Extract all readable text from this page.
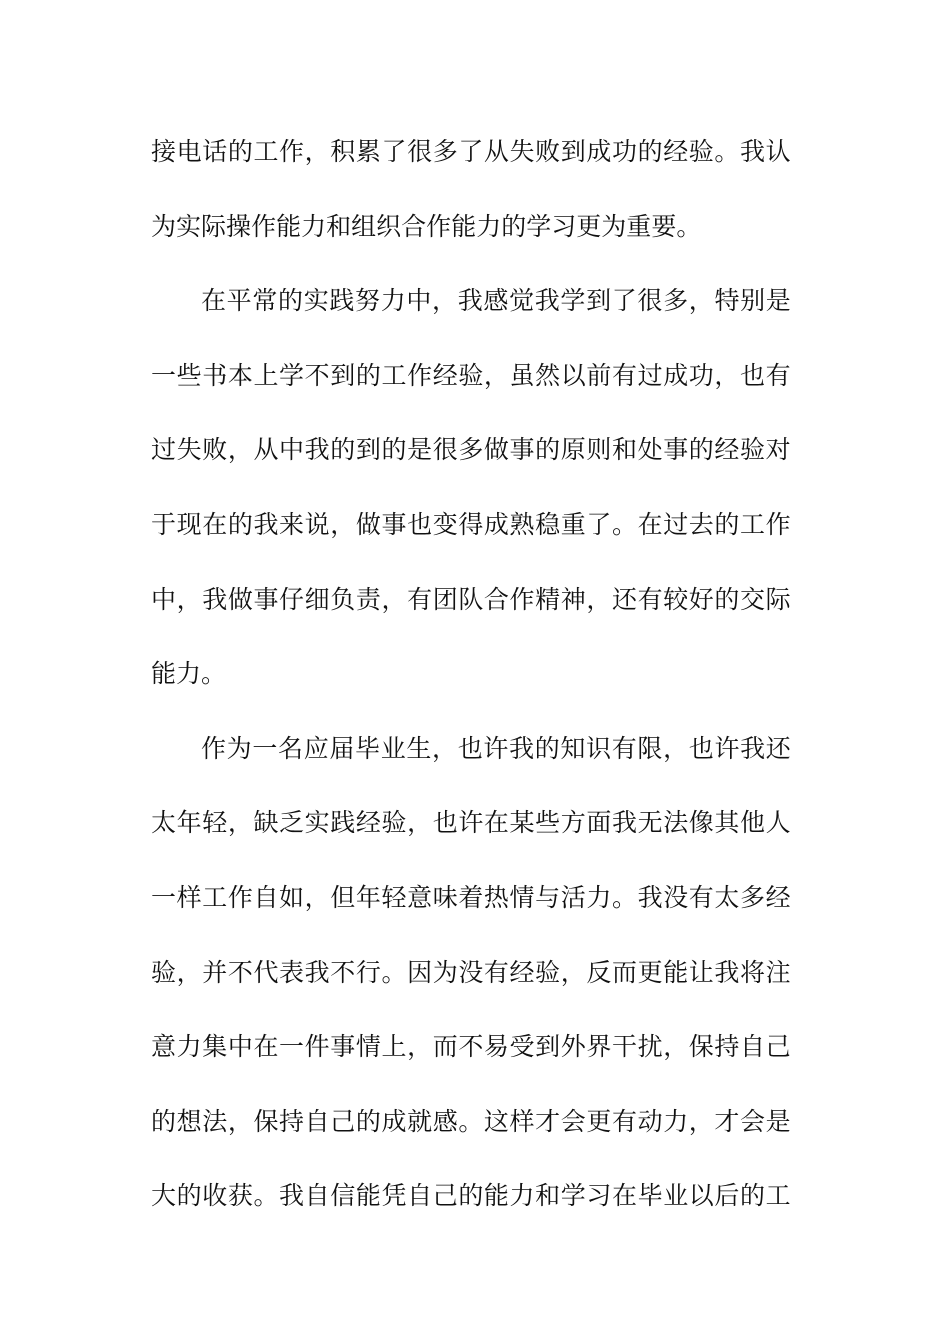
接 电 话 的 工 作 ， 积 累 了 很 多 了 从 失 败 到 成 功 的 经 验 。 我 认
为 实 际 操 作 能 力 和 组 织 合 作 能 力 的 学 习 更 为 重 要 。
在 平 常 的 实 践 努 力 中 ， 我 感 觉 我 学 到 了 很 多 ， 特 别 是
一 些 书 本 上 学 不 到 的 工 作 经 验 ， 虽 然 以 前 有 过 成 功 ， 也 有
过 失 败 ， 从 中 我 的 到 的 是 很 多 做 事 的 原 则 和 处 事 的 经 验 对
于 现 在 的 我 来 说 ， 做 事 也 变 得 成 熟 稳 重 了 。 在 过 去 的 工 作
中 ， 我 做 事 仔 细 负 责 ， 有 团 队 合 作 精 神 ， 还 有 较 好 的 交 际
能 力 。
作 为 一 名 应 届 毕 业 生 ， 也 许 我 的 知 识 有 限 ， 也 许 我 还
太 年 轻 ， 缺 乏 实 践 经 验 ， 也 许 在 某 些 方 面 我 无 法 像 其 他 人
一 样 工 作 自 如 ， 但 年 轻 意 味 着 热 情 与 活 力 。 我 没 有 太 多 经
验 ， 并 不 代 表 我 不 行 。 因 为 没 有 经 验 ， 反 而 更 能 让 我 将 注
意 力 集 中 在 一 件 事 情 上 ， 而 不 易 受 到 外 界 干 扰 ， 保 持 自 己
的 想 法 ， 保 持 自 己 的 成 就 感 。 这 样 才 会 更 有 动 力 ， 才 会 是
大 的 收 获 。 我 自 信 能 凭 自 己 的 能 力 和 学 习 在 毕 业 以 后 的 工
